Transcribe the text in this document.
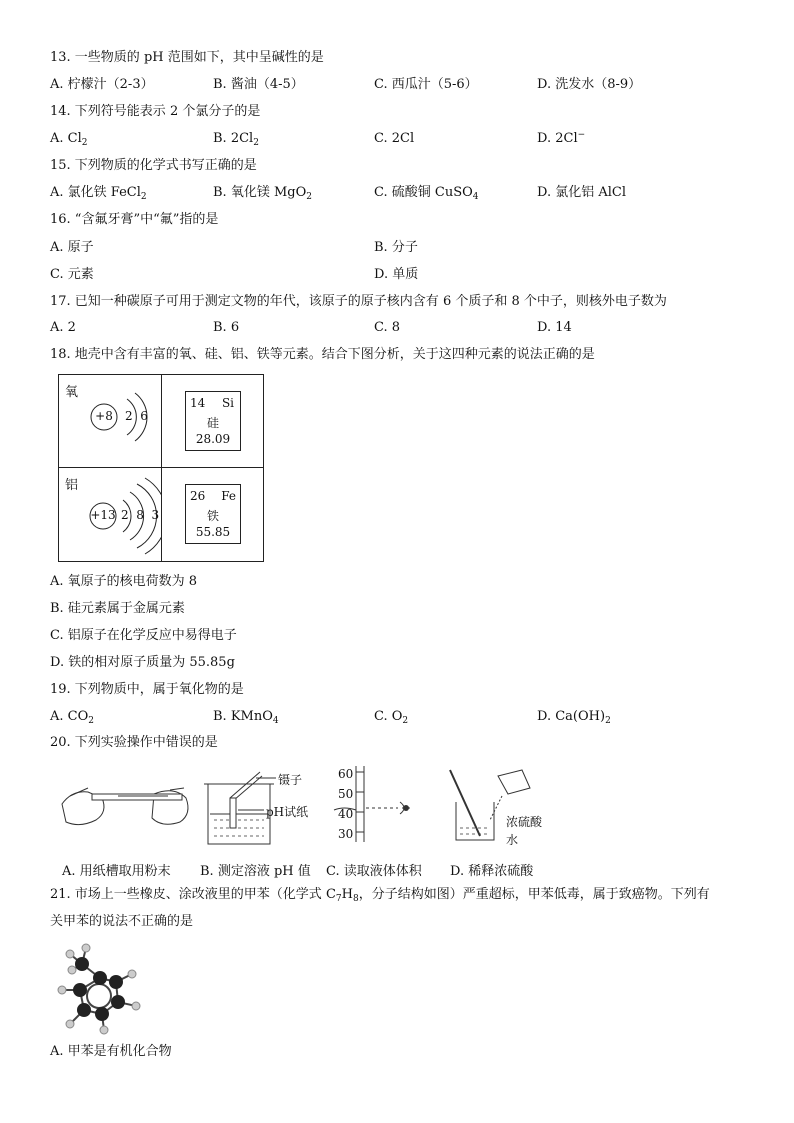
13. 一些物质的 pH 范围如下，其中呈碱性的是
A. 柠檬汁（2-3）	B. 酱油（4-5）	C. 西瓜汁（5-6）	D. 洗发水（8-9）
14. 下列符号能表示 2 个氯分子的是
A. $Cl_2$	B. $2Cl_2$	C. 2Cl	D. 2Cl−
15. 下列物质的化学式书写正确的是
A. 氯化铁 FeCl$_2$	B. 氧化镁 MgO$_2$	C. 硫酸铜 CuSO$_4$	D. 氯化铝 AlCl
16. “含氟牙膏”中“氟”指的是
A. 原子	B. 分子
C. 元素	D. 单质
17. 已知一种碳原子可用于测定文物的年代，该原子的原子核内含有 6 个质子和 8 个中子，则核外电子数为
A. 2	B. 6	C. 8	D. 14
18. 地壳中含有丰富的氧、硅、铝、铁等元素。结合下图分析，关于这四种元素的说法正确的是
氧
+8	2  6
14 Si
硅
28.09
铝
+13 2  8  3
26 Fe
铁
55.85
A. 氧原子的核电荷数为 8
B. 硅元素属于金属元素
C. 铝原子在化学反应中易得电子
D. 铁的相对原子质量为 55.85g
19. 下列物质中，属于氧化物的是
A. $CO_2$	B. KMnO$_4$	C. $O_2$	D. $Ca(OH)_2$
20. 下列实验操作中错误的是
镊子
pH试纸
60
50
40
30
浓硫酸
水
A. 用纸槽取用粉末 B. 测定溶液 pH 值 C. 读取液体体积 D. 稀释浓硫酸
21. 市场上一些橡皮、涂改液里的甲苯（化学式 $C_7H_8$，分子结构如图）严重超标，甲苯低毒，属于致癌物。下列有
关甲苯的说法不正确的是
A. 甲苯是有机化合物
